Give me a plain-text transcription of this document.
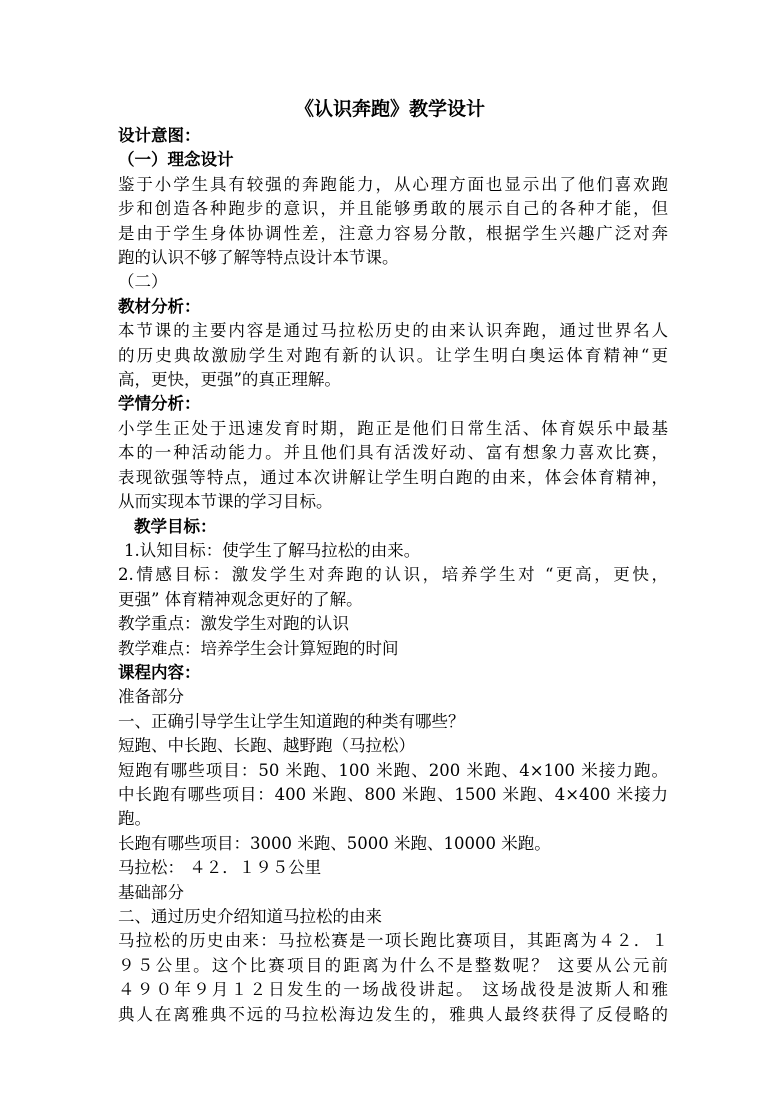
《认识奔跑》教学设计
设计意图：
（一）理念设计
鉴于小学生具有较强的奔跑能力，从心理方面也显示出了他们喜欢跑
步和创造各种跑步的意识，并且能够勇敢的展示自己的各种才能，但
是由于学生身体协调性差，注意力容易分散，根据学生兴趣广泛对奔
跑的认识不够了解等特点设计本节课。
（二）
教材分析：
本节课的主要内容是通过马拉松历史的由来认识奔跑，通过世界名人
的历史典故激励学生对跑有新的认识。让学生明白奥运体育精神“更
高，更快，更强”的真正理解。
学情分析：
小学生正处于迅速发育时期，跑正是他们日常生活、体育娱乐中最基
本的一种活动能力。并且他们具有活泼好动、富有想象力喜欢比赛，
表现欲强等特点，通过本次讲解让学生明白跑的由来，体会体育精神，
从而实现本节课的学习目标。
教学目标：
1.认知目标：使学生了解马拉松的由来。
2.情感目标：激发学生对奔跑的认识，培养学生对 “更高，更快，
更强” 体育精神观念更好的了解。
教学重点：激发学生对跑的认识
教学难点：培养学生会计算短跑的时间
课程内容：
准备部分
一、正确引导学生让学生知道跑的种类有哪些？
短跑、中长跑、长跑、越野跑（马拉松）
短跑有哪些项目：50 米跑、100 米跑、200 米跑、4×100 米接力跑。
中长跑有哪些项目：400 米跑、800 米跑、1500 米跑、4×400 米接力
跑。
长跑有哪些项目：3000 米跑、5000 米跑、10000 米跑。
马拉松： ４２．１９５公里
基础部分
二、通过历史介绍知道马拉松的由来
马拉松的历史由来：马拉松赛是一项长跑比赛项目，其距离为４２．１
９５公里。这个比赛项目的距离为什么不是整数呢？ 这要从公元前
４９０年９月１２日发生的一场战役讲起。 这场战役是波斯人和雅
典人在离雅典不远的马拉松海边发生的，雅典人最终获得了反侵略的
